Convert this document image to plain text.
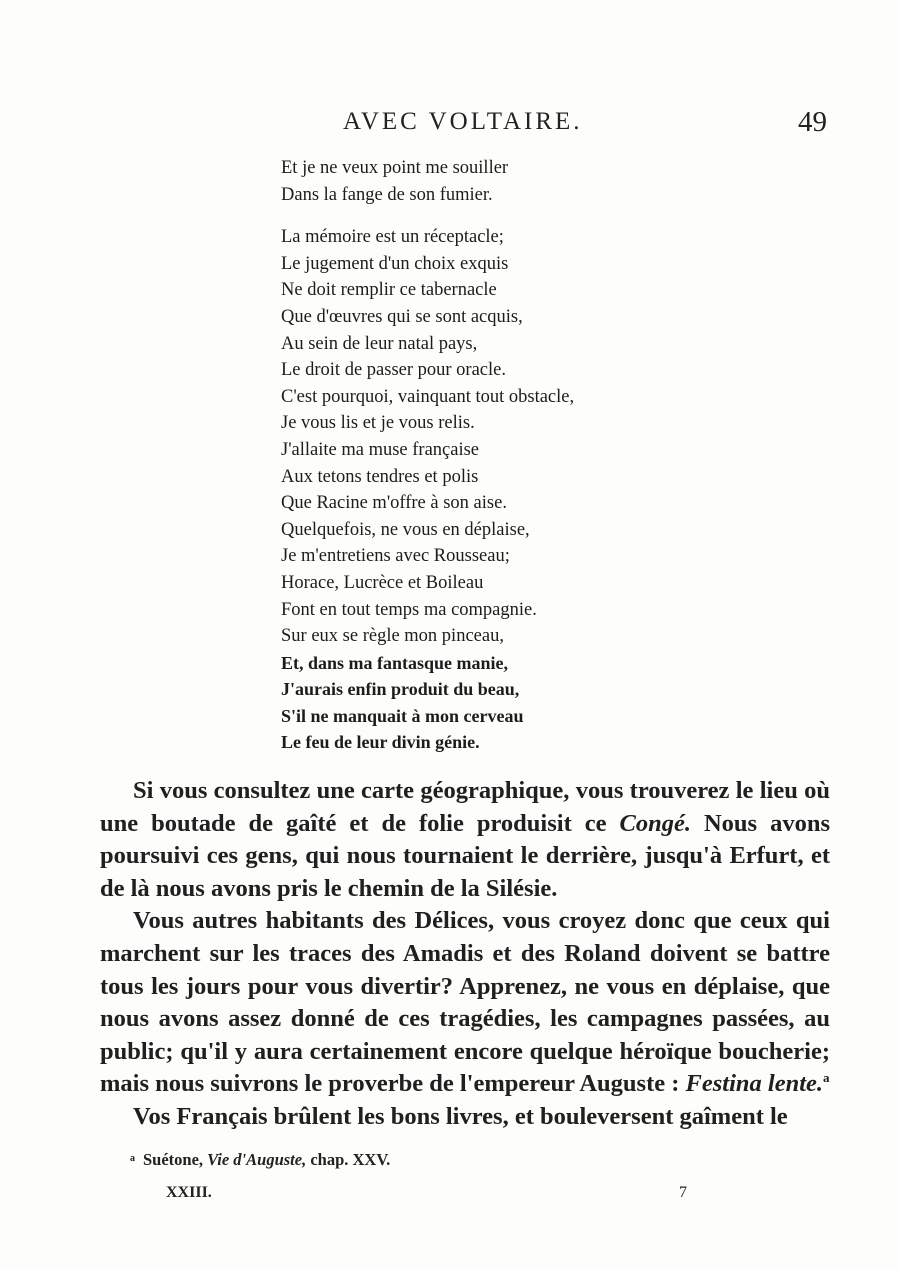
AVEC VOLTAIRE.	49
Et je ne veux point me souiller
Dans la fange de son fumier.
La mémoire est un réceptacle;
Le jugement d'un choix exquis
Ne doit remplir ce tabernacle
Que d'œuvres qui se sont acquis,
Au sein de leur natal pays,
Le droit de passer pour oracle.
C'est pourquoi, vainquant tout obstacle,
Je vous lis et je vous relis.
J'allaite ma muse française
Aux tetons tendres et polis
Que Racine m'offre à son aise.
Quelquefois, ne vous en déplaise,
Je m'entretiens avec Rousseau;
Horace, Lucrèce et Boileau
Font en tout temps ma compagnie.
Sur eux se règle mon pinceau,
Et, dans ma fantasque manie,
J'aurais enfin produit du beau,
S'il ne manquait à mon cerveau
Le feu de leur divin génie.

Si vous consultez une carte géographique, vous trouverez le lieu où une boutade de gaîté et de folie produisit ce Congé. Nous avons poursuivi ces gens, qui nous tournaient le derrière, jusqu'à Erfurt, et de là nous avons pris le chemin de la Silésie.

Vous autres habitants des Délices, vous croyez donc que ceux qui marchent sur les traces des Amadis et des Roland doivent se battre tous les jours pour vous divertir? Apprenez, ne vous en déplaise, que nous avons assez donné de ces tragédies, les campagnes passées, au public; qu'il y aura certainement encore quelque héroïque boucherie; mais nous suivrons le proverbe de l'empereur Auguste : Festina lente.$^a$

Vos Français brûlent les bons livres, et bouleversent gaîment le

$^a$ Suétone, Vie d'Auguste, chap. XXV.
XXIII.	7
